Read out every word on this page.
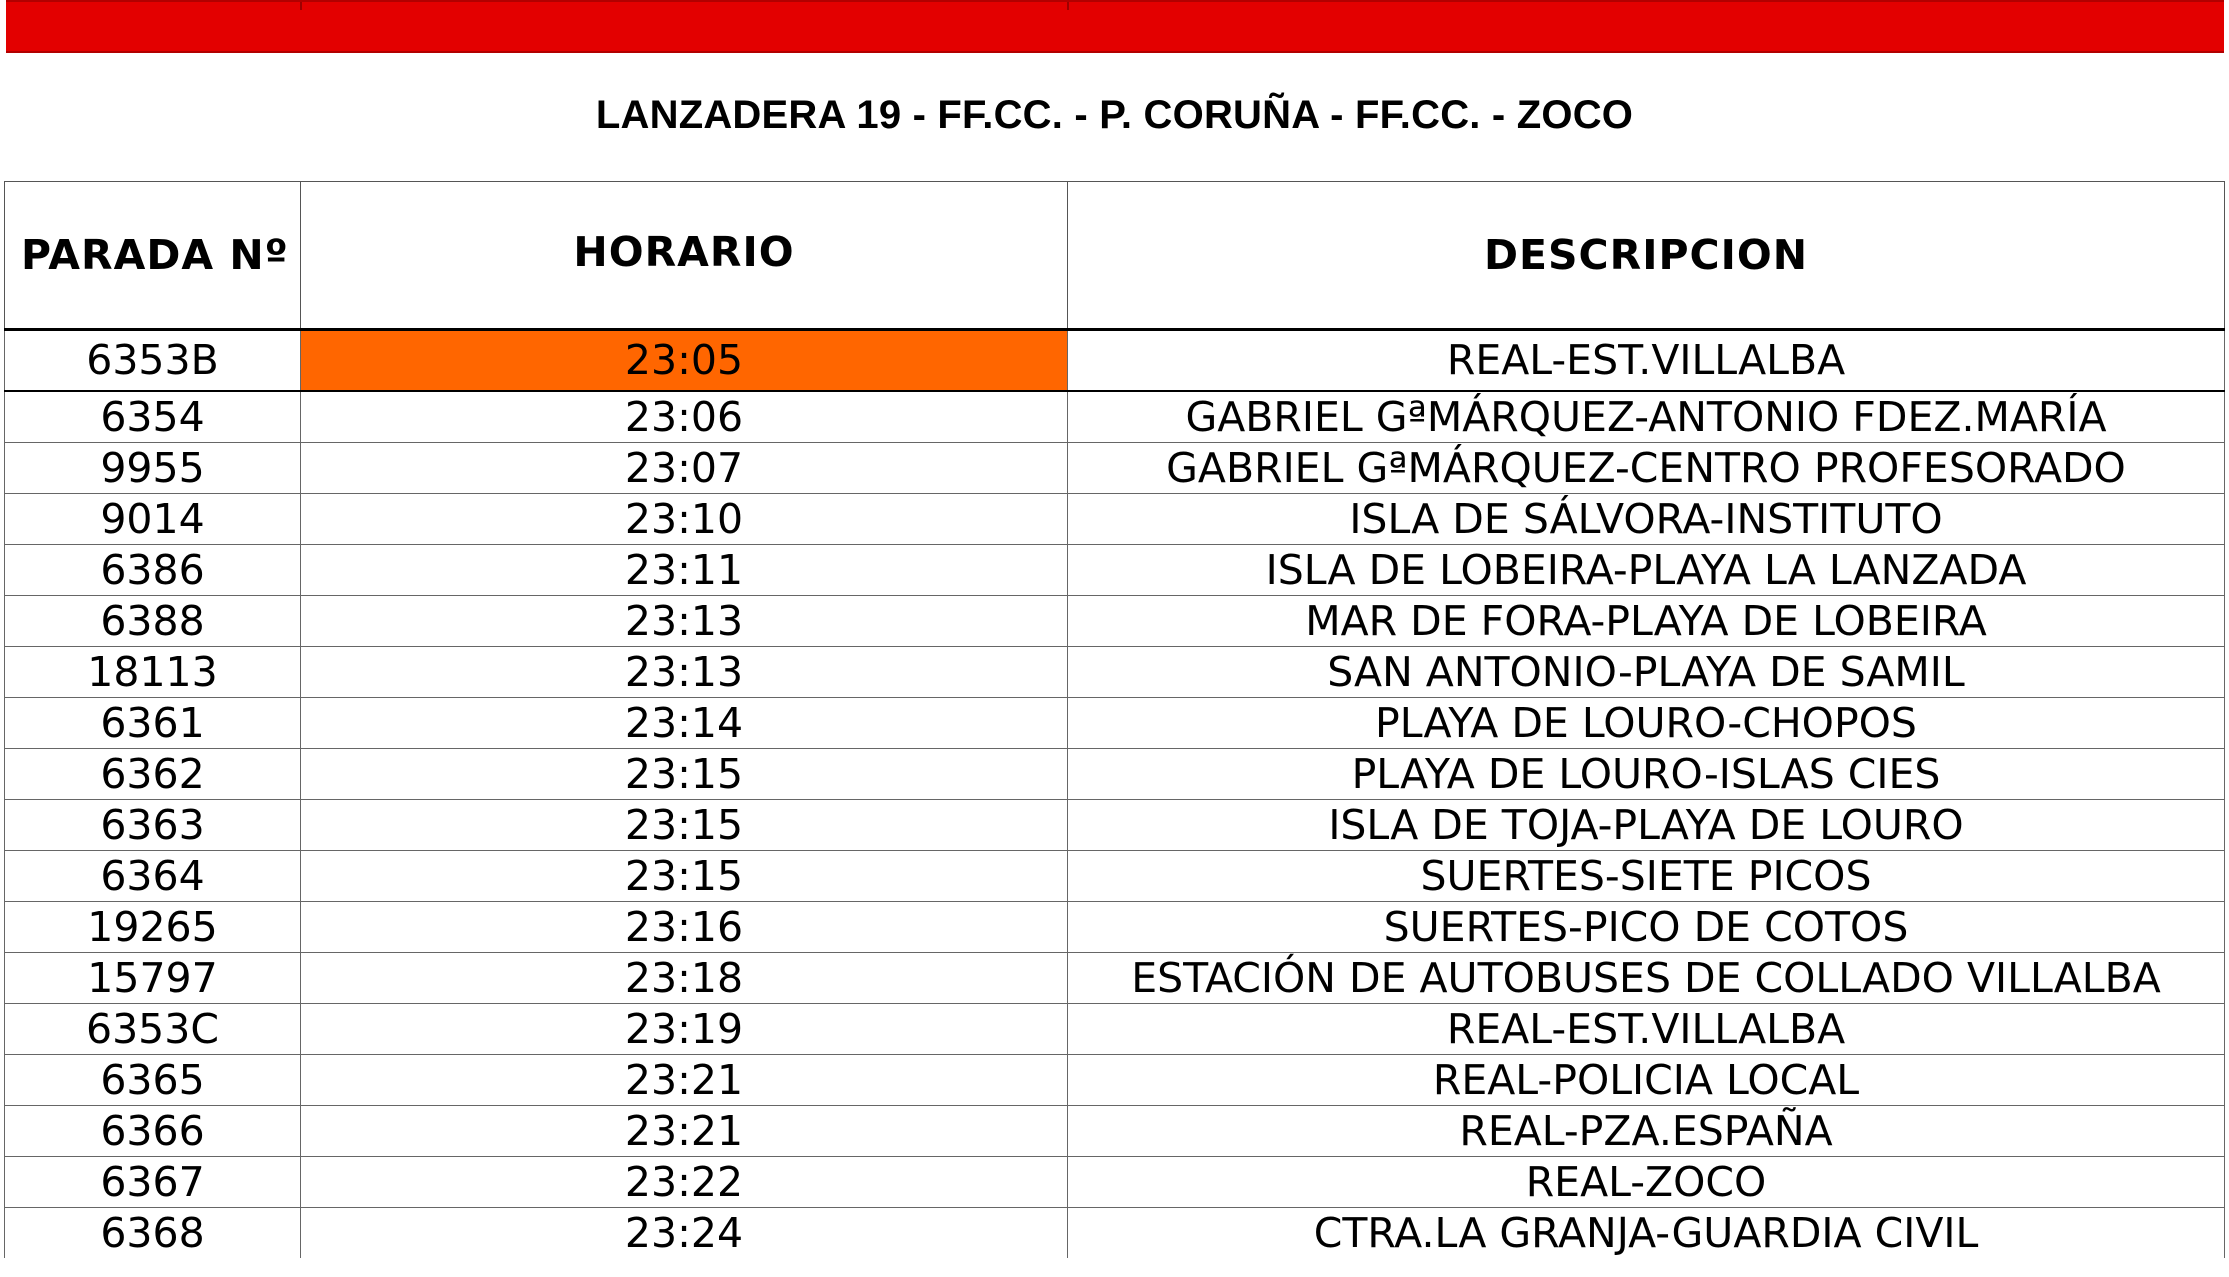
LANZADERA 19 - FF.CC. - P. CORUÑA - FF.CC. - ZOCO
PARADA Nº	HORARIO	DESCRIPCION
6353B	23:05	REAL-EST.VILLALBA
6354	23:06	GABRIEL GªMÁRQUEZ-ANTONIO FDEZ.MARÍA
9955	23:07	GABRIEL GªMÁRQUEZ-CENTRO PROFESORADO
9014	23:10	ISLA DE SÁLVORA-INSTITUTO
6386	23:11	ISLA DE LOBEIRA-PLAYA LA LANZADA
6388	23:13	MAR DE FORA-PLAYA DE LOBEIRA
18113	23:13	SAN ANTONIO-PLAYA DE SAMIL
6361	23:14	PLAYA DE LOURO-CHOPOS
6362	23:15	PLAYA DE LOURO-ISLAS CIES
6363	23:15	ISLA DE TOJA-PLAYA DE LOURO
6364	23:15	SUERTES-SIETE PICOS
19265	23:16	SUERTES-PICO DE COTOS
15797	23:18	ESTACIÓN DE AUTOBUSES DE COLLADO VILLALBA
6353C	23:19	REAL-EST.VILLALBA
6365	23:21	REAL-POLICIA LOCAL
6366	23:21	REAL-PZA.ESPAÑA
6367	23:22	REAL-ZOCO
6368	23:24	CTRA.LA GRANJA-GUARDIA CIVIL
